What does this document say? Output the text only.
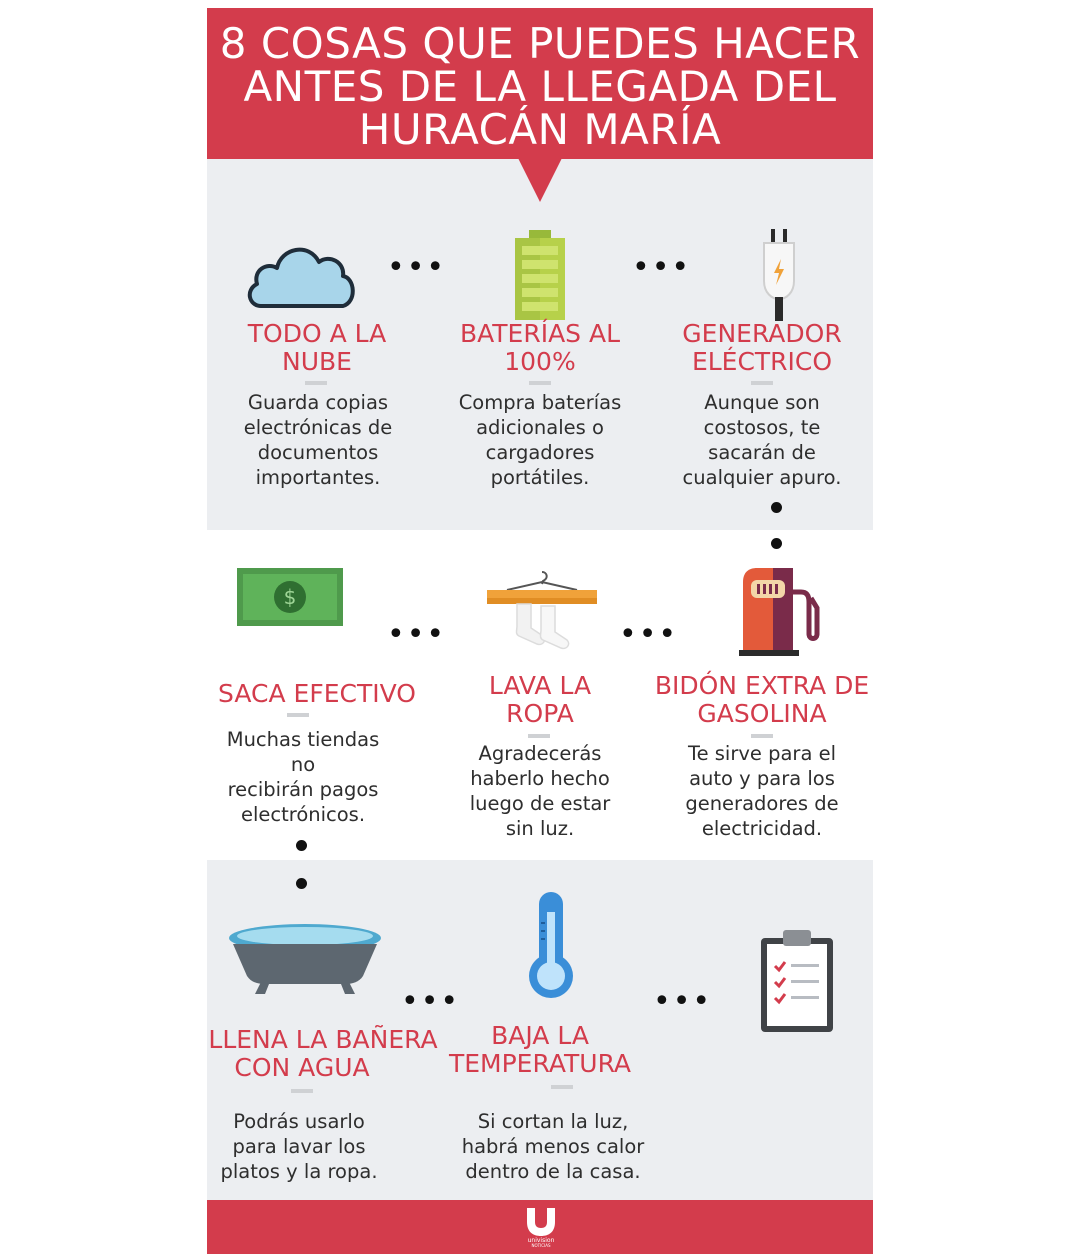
8 COSAS QUE PUEDES HACER
ANTES DE LA LLEGADA DEL
HURACÁN MARÍA
•••	•••
TODO A LA
NUBE
Guarda copias
electrónicas de
documentos
importantes.
BATERÍAS AL
100%
Compra baterías
adicionales o
cargadores
portátiles.
GENERADOR
ELÉCTRICO
Aunque son
costosos, te
sacarán de
cualquier apuro.
$
•••	•••
SACA EFECTIVO
Muchas tiendas
no
recibirán pagos
electrónicos.
LAVA LA
ROPA
Agradecerás
haberlo hecho
luego de estar
sin luz.
BIDÓN EXTRA DE
GASOLINA
Te sirve para el
auto y para los
generadores de
electricidad.
•••	•••
LLENA LA BAÑERA
CON AGUA
Podrás usarlo
para lavar los
platos y la ropa.
BAJA LA
TEMPERATURA
Si cortan la luz,
habrá menos calor
dentro de la casa.
univision
NOTICIAS
